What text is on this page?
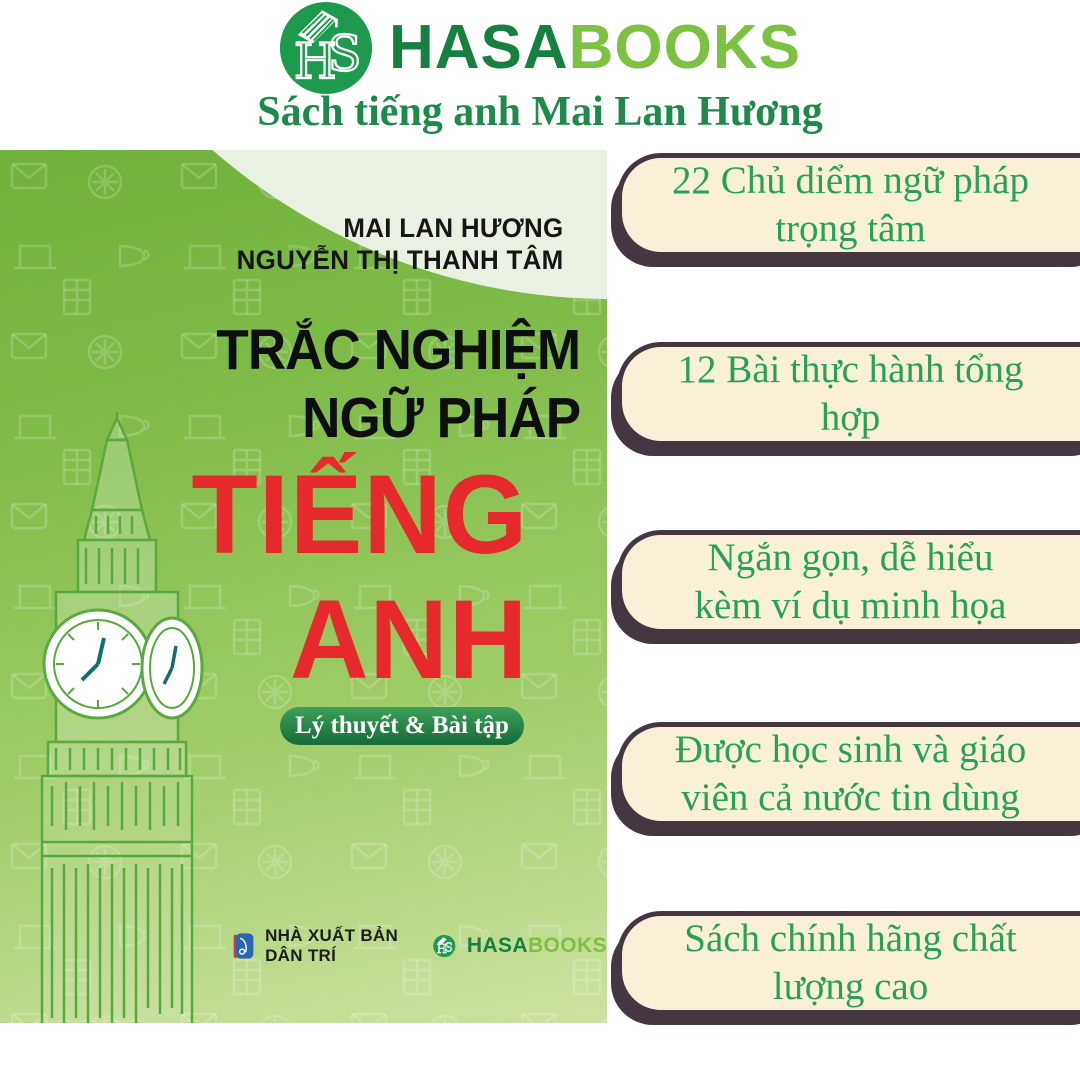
H
S HASABOOKS
Sách tiếng anh Mai Lan Hương
MAI LAN HƯƠNG
NGUYỄN THỊ THANH TÂM
TRẮC NGHIỆM
NGỮ PHÁP
TIẾNG
ANH
Lý thuyết & Bài tập
NHÀ XUẤT BẢN DÂN TRÍ	H
S HASABOOKS
22 Chủ diểm ngữ pháp
trọng tâm
12 Bài thực hành tổng
hợp
Ngắn gọn, dễ hiểu
kèm ví dụ minh họa
Được học sinh và giáo
viên cả nước tin dùng
Sách chính hãng chất
lượng cao
